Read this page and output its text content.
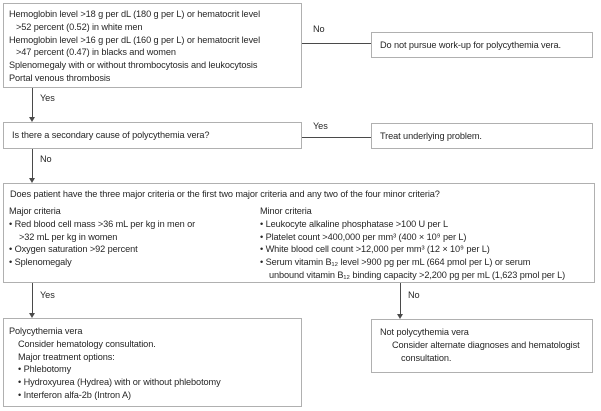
Hemoglobin level >18 g per dL (180 g per L) or hematocrit level
>52 percent (0.52) in white men
Hemoglobin level >16 g per dL (160 g per L) or hematocrit level
>47 percent (0.47) in blacks and women
Splenomegaly with or without thrombocytosis and leukocytosis
Portal venous thrombosis
No
Do not pursue work-up for polycythemia vera.
Yes
Is there a secondary cause of polycythemia vera?
Yes
Treat underlying problem.
No
Does patient have the three major criteria or the first two major criteria and any two of the four minor criteria?
Major criteria
• Red blood cell mass >36 mL per kg in men or
>32 mL per kg in women
• Oxygen saturation >92 percent
• Splenomegaly
Minor criteria
• Leukocyte alkaline phosphatase >100 U per L
• Platelet count >400,000 per mm³ (400 × 10⁹ per L)
• White blood cell count >12,000 per mm³ (12 × 10⁹ per L)
• Serum vitamin B₁₂ level >900 pg per mL (664 pmol per L) or serum
unbound vitamin B₁₂ binding capacity >2,200 pg per mL (1,623 pmol per L)
Yes	No
Polycythemia vera
Consider hematology consultation.
Major treatment options:
• Phlebotomy
• Hydroxyurea (Hydrea) with or without phlebotomy
• Interferon alfa-2b (Intron A)
Not polycythemia vera
Consider alternate diagnoses and hematologist
consultation.
